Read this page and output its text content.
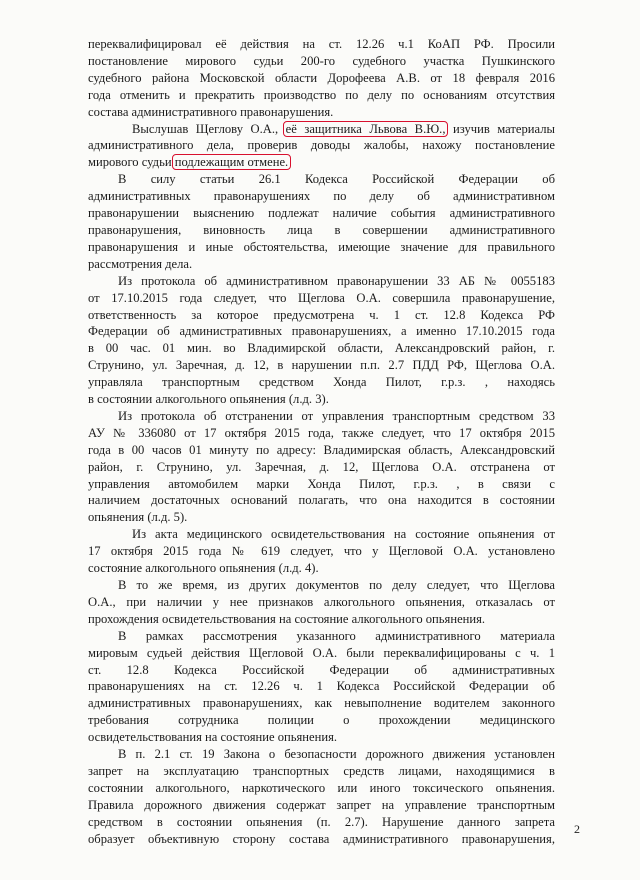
переквалифицировал её действия на ст. 12.26 ч.1 КоАП РФ. Просили

постановление мирового судьи 200-го судебного участка Пушкинского

судебного района Московской области Дорофеева А.В. от 18 февраля 2016

года отменить и прекратить производство по делу по основаниям отсутствия

состава административного правонарушения.

Выслушав Щеглову О.А., её защитника Львова В.Ю., изучив материалы

административного дела, проверив доводы жалобы, нахожу постановление

мирового судьи подлежащим отмене.

В силу статьи 26.1 Кодекса Российской Федерации об

административных правонарушениях по делу об административном

правонарушении выяснению подлежат наличие события административного

правонарушения, виновность лица в совершении административного

правонарушения и иные обстоятельства, имеющие значение для правильного

рассмотрения дела.

Из протокола об административном правонарушении 33 АБ № 0055183

от 17.10.2015 года следует, что Щеглова О.А. совершила правонарушение,

ответственность за которое предусмотрена ч. 1 ст. 12.8 Кодекса РФ

Федерации об административных правонарушениях, а именно 17.10.2015 года

в 00 час. 01 мин. во Владимирской области, Александровский район, г.

Струнино, ул. Заречная, д. 12, в нарушении п.п. 2.7 ПДД РФ, Щеглова О.А.

управляла транспортным средством Хонда Пилот, г.р.з. , находясь

в состоянии алкогольного опьянения (л.д. 3).

Из протокола об отстранении от управления транспортным средством 33

АУ № 336080 от 17 октября 2015 года, также следует, что 17 октября 2015

года в 00 часов 01 минуту по адресу: Владимирская область, Александровский

район, г. Струнино, ул. Заречная, д. 12, Щеглова О.А. отстранена от

управления автомобилем марки Хонда Пилот, г.р.з. , в связи с

наличием достаточных оснований полагать, что она находится в состоянии

опьянения (л.д. 5).

Из акта медицинского освидетельствования на состояние опьянения от

17 октября 2015 года № 619 следует, что у Щегловой О.А. установлено

состояние алкогольного опьянения (л.д. 4).

В то же время, из других документов по делу следует, что Щеглова

О.А., при наличии у нее признаков алкогольного опьянения, отказалась от

прохождения освидетельствования на состояние алкогольного опьянения.

В рамках рассмотрения указанного административного материала

мировым судьей действия Щегловой О.А. были переквалифицированы с ч. 1

ст. 12.8 Кодекса Российской Федерации об административных

правонарушениях на ст. 12.26 ч. 1 Кодекса Российской Федерации об

административных правонарушениях, как невыполнение водителем законного

требования сотрудника полиции о прохождении медицинского

освидетельствования на состояние опьянения.

В п. 2.1 ст. 19 Закона о безопасности дорожного движения установлен

запрет на эксплуатацию транспортных средств лицами, находящимися в

состоянии алкогольного, наркотического или иного токсического опьянения.

Правила дорожного движения содержат запрет на управление транспортным

средством в состоянии опьянения (п. 2.7). Нарушение данного запрета

образует объективную сторону состава административного правонарушения,

2
